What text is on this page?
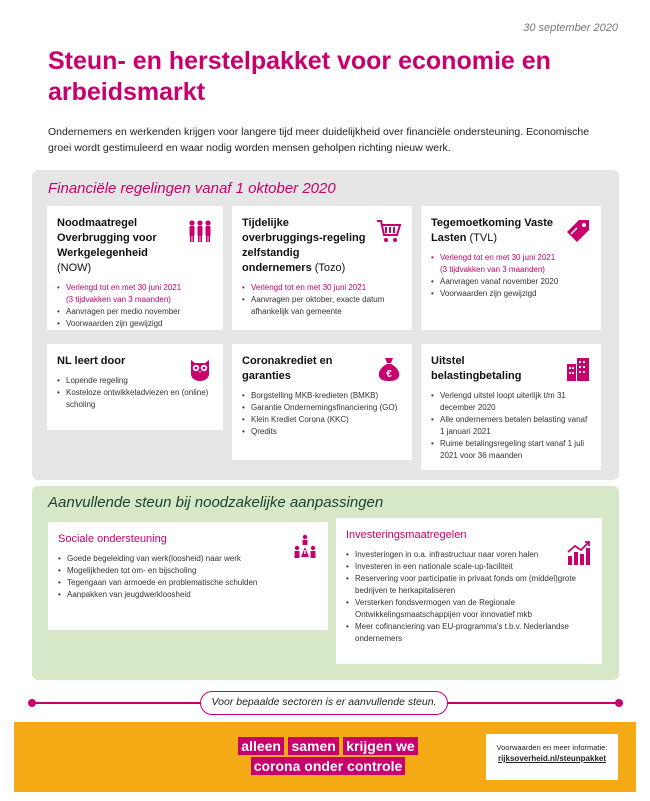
30 september 2020
Steun- en herstelpakket voor economie en arbeidsmarkt

Ondernemers en werkenden krijgen voor langere tijd meer duidelijkheid over financiële ondersteuning. Economische groei wordt gestimuleerd en waar nodig worden mensen geholpen richting nieuw werk.

Financiële regelingen vanaf 1 oktober 2020
Noodmaatregel Overbrugging voor Werkgelegenheid (NOW)
• Verlengd tot en met 30 juni 2021
(3 tijdvakken van 3 maanden)
• Aanvragen per medio november
• Voorwaarden zijn gewijzigd
Tijdelijke overbruggings-regeling zelfstandig ondernemers (Tozo)
• Verlengd tot en met 30 juni 2021
• Aanvragen per oktober, exacte datum afhankelijk van gemeente
Tegemoetkoming Vaste Lasten (TVL)
• Verlengd tot en met 30 juni 2021
(3 tijdvakken van 3 maanden)
• Aanvragen vanaf november 2020
• Voorwaarden zijn gewijzigd
NL leert door
• Lopende regeling
• Kosteloze ontwikkeladviezen en (online) scholing
Coronakrediet en garanties	€
• Borgstelling MKB-kredieten (BMKB)
• Garantie Ondernemingsfinanciering (GO)
• Klein Krediet Corona (KKC)
• Qredits
Uitstel belastingbetaling
• Verlengd uitstel loopt uiterlijk t/m 31 december 2020
• Alle ondernemers betalen belasting vanaf 1 januari 2021
• Ruime betalingsregeling start vanaf 1 juli 2021 voor 36 maanden
Aanvullende steun bij noodzakelijke aanpassingen
Sociale ondersteuning
• Goede begeleiding van werk(loosheid) naar werk
• Mogelijkheden tot om- en bijscholing
• Tegengaan van armoede en problematische schulden
• Aanpakken van jeugdwerkloosheid
Investeringsmaatregelen
• Investeringen in o.a. infrastructuur naar voren halen
• Investeren in een nationale scale-up-faciliteit
• Reservering voor participatie in privaat fonds om (middel)grote bedrijven te herkapitaliseren
• Versterken fondsvermogen van de Regionale Ontwikkelingsmaatschappijen voor innovatief mkb
• Meer cofinanciering van EU-programma's t.b.v. Nederlandse ondernemers
Voor bepaalde sectoren is er aanvullende steun.
alleen samen krijgen we
corona onder controle
Voorwaarden en meer informatie:
rijksoverheid.nl/steunpakket
